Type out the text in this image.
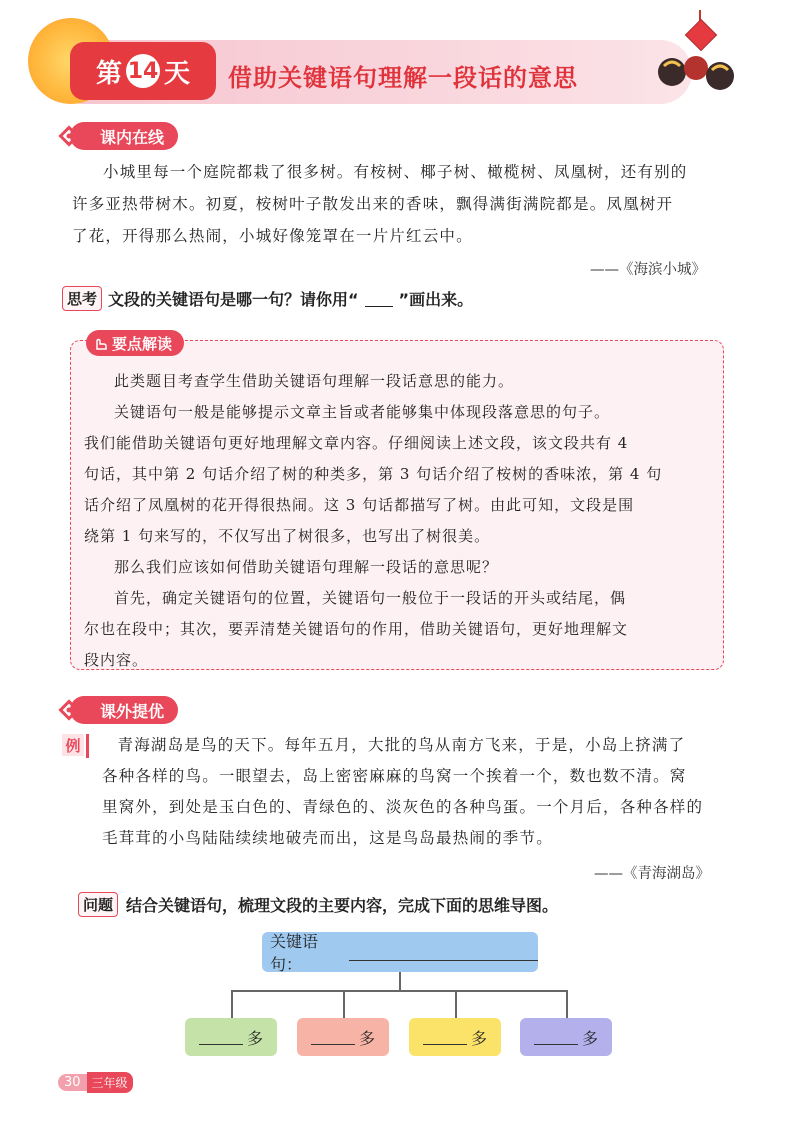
第 14 天 借助关键语句理解一段话的意思
课内在线
小城里每一个庭院都栽了很多树。有桉树、椰子树、橄榄树、凤凰树，还有别的
许多亚热带树木。初夏，桉树叶子散发出来的香味，飘得满街满院都是。凤凰树开
了花，开得那么热闹，小城好像笼罩在一片片红云中。
——《海滨小城》
思考 文段的关键语句是哪一句？请你用“	”画出来。
要点解读
此类题目考查学生借助关键语句理解一段话意思的能力。
关键语句一般是能够提示文章主旨或者能够集中体现段落意思的句子。
我们能借助关键语句更好地理解文章内容。仔细阅读上述文段，该文段共有 4
句话，其中第 2 句话介绍了树的种类多，第 3 句话介绍了桉树的香味浓，第 4 句
话介绍了凤凰树的花开得很热闹。这 3 句话都描写了树。由此可知，文段是围
绕第 1 句来写的，不仅写出了树很多，也写出了树很美。
那么我们应该如何借助关键语句理解一段话的意思呢？
首先，确定关键语句的位置，关键语句一般位于一段话的开头或结尾，偶
尔也在段中；其次，要弄清楚关键语句的作用，借助关键语句，更好地理解文
段内容。
课外提优
例	青海湖岛是鸟的天下。每年五月，大批的鸟从南方飞来，于是，小岛上挤满了
各种各样的鸟。一眼望去，岛上密密麻麻的鸟窝一个挨着一个，数也数不清。窝
里窝外，到处是玉白色的、青绿色的、淡灰色的各种鸟蛋。一个月后，各种各样的
毛茸茸的小鸟陆陆续续地破壳而出，这是鸟岛最热闹的季节。
——《青海湖岛》
问题 结合关键语句，梳理文段的主要内容，完成下面的思维导图。
关键语句：
多	多	多	多
30 三年级
